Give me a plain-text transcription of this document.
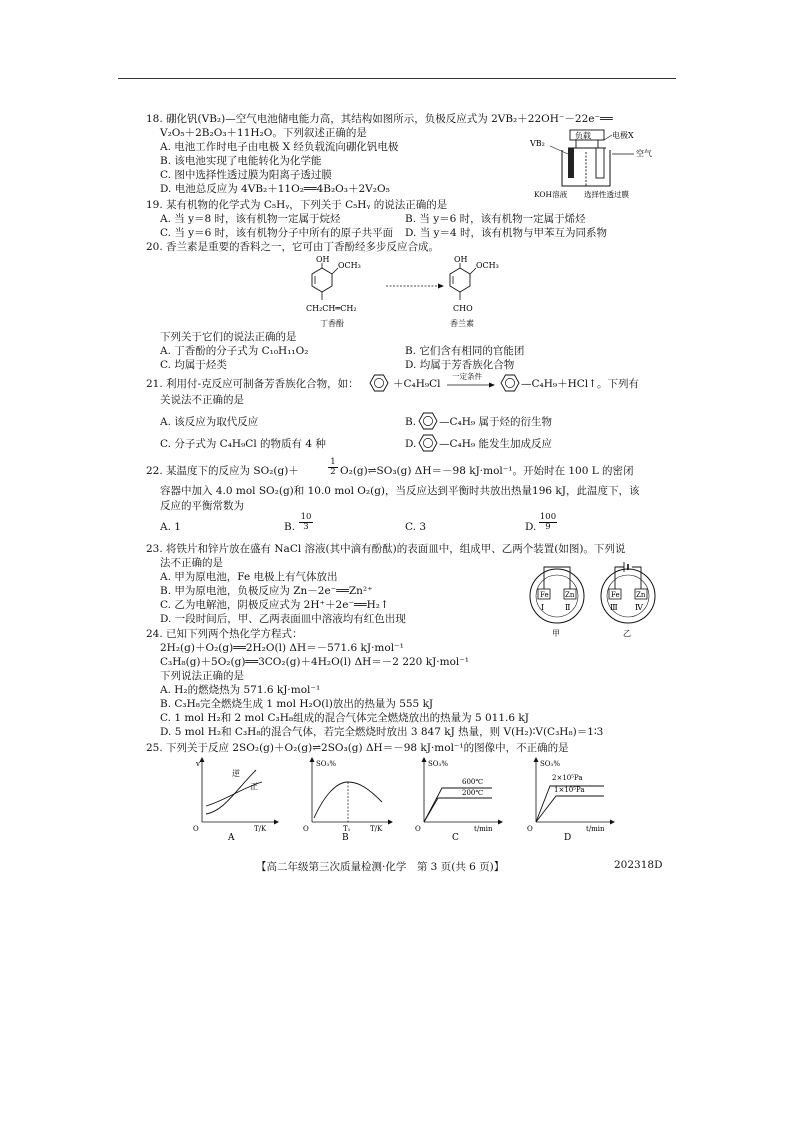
18. 硼化钒(VB₂)—空气电池储电能力高，其结构如图所示，负极反应式为 2VB₂＋22OH⁻－22e⁻══
V₂O₅＋2B₂O₃＋11H₂O。下列叙述正确的是
A. 电池工作时电子由电极 X 经负载流向硼化钒电极
B. 该电池实现了电能转化为化学能
C. 图中选择性透过膜为阳离子透过膜
D. 电池总反应为 4VB₂＋11O₂══4B₂O₃＋2V₂O₅
负载	电极X
VB₂
空气
KOH溶液 选择性透过膜
19. 某有机物的化学式为 C₅Hᵧ，下列关于 C₅Hᵧ 的说法正确的是
A. 当 y＝8 时，该有机物一定属于烷烃	B. 当 y＝6 时，该有机物一定属于烯烃
C. 当 y＝6 时，该有机物分子中所有的原子共平面 D. 当 y＝4 时，该有机物与甲苯互为同系物
20. 香兰素是重要的香料之一，它可由丁香酚经多步反应合成。
OH
OCH₃
CH₂CH═CH₂
丁香酚
OH
OCH₃
CHO
香兰素
下列关于它们的说法正确的是
A. 丁香酚的分子式为 C₁₀H₁₁O₂	B. 它们含有相同的官能团
C. 均属于烃类	D. 均属于芳香族化合物
21. 利用付-克反应可制备芳香族化合物，如：	＋C₄H₉Cl
一定条件
—C₄H₉＋HCl↑。下列有
关说法不正确的是
A. 该反应为取代反应	B. —C₄H₉ 属于烃的衍生物
C. 分子式为 C₄H₉Cl 的物质有 4 种	D. —C₄H₉ 能发生加成反应
22. 某温度下的反应为 SO₂(g)＋	$\frac{1}{2}$ O₂(g)⇌SO₃(g) ΔH＝－98 kJ·mol⁻¹。开始时在 100 L 的密闭
容器中加入 4.0 mol SO₂(g)和 10.0 mol O₂(g)，当反应达到平衡时共放出热量196 kJ，此温度下，该
反应的平衡常数为
A. 1	B. $\frac{10}{3}$	C. 3	D. $\frac{100}{9}$
23. 将铁片和锌片放在盛有 NaCl 溶液(其中滴有酚酞)的表面皿中，组成甲、乙两个装置(如图)。下列说
法不正确的是
A. 甲为原电池，Fe 电极上有气体放出
B. 甲为原电池，负极反应为 Zn－2e⁻══Zn²⁺
C. 乙为电解池，阴极反应式为 2H⁺＋2e⁻══H₂↑
D. 一段时间后，甲、乙两表面皿中溶液均有红色出现
Fe Zn
Ⅰ	Ⅱ
甲
Fe Zn
Ⅲ Ⅳ
乙
24. 已知下列两个热化学方程式：
2H₂(g)＋O₂(g)══2H₂O(l) ΔH＝－571.6 kJ·mol⁻¹
C₃H₈(g)＋5O₂(g)══3CO₂(g)＋4H₂O(l) ΔH＝－2 220 kJ·mol⁻¹
下列说法正确的是
A. H₂的燃烧热为 571.6 kJ·mol⁻¹
B. C₃H₈完全燃烧生成 1 mol H₂O(l)放出的热量为 555 kJ
C. 1 mol H₂和 2 mol C₃H₈组成的混合气体完全燃烧放出的热量为 5 011.6 kJ
D. 5 mol H₂和 C₃H₈的混合气体，若完全燃烧时放出 3 847 kJ 热量，则 V(H₂)∶V(C₃H₈)＝1∶3
25. 下列关于反应 2SO₂(g)＋O₂(g)⇌2SO₃(g) ΔH＝－98 kJ·mol⁻¹的图像中，不正确的是
v
T/K
O
逆
正
A
SO₃%
T/K
O	T₁
B
SO₃%
t/min
O
600℃
200℃
C
SO₃%
t/min
O
2×10⁵Pa
1×10⁵Pa
D
【高二年级第三次质量检测·化学　第 3 页(共 6 页)】	202318D
